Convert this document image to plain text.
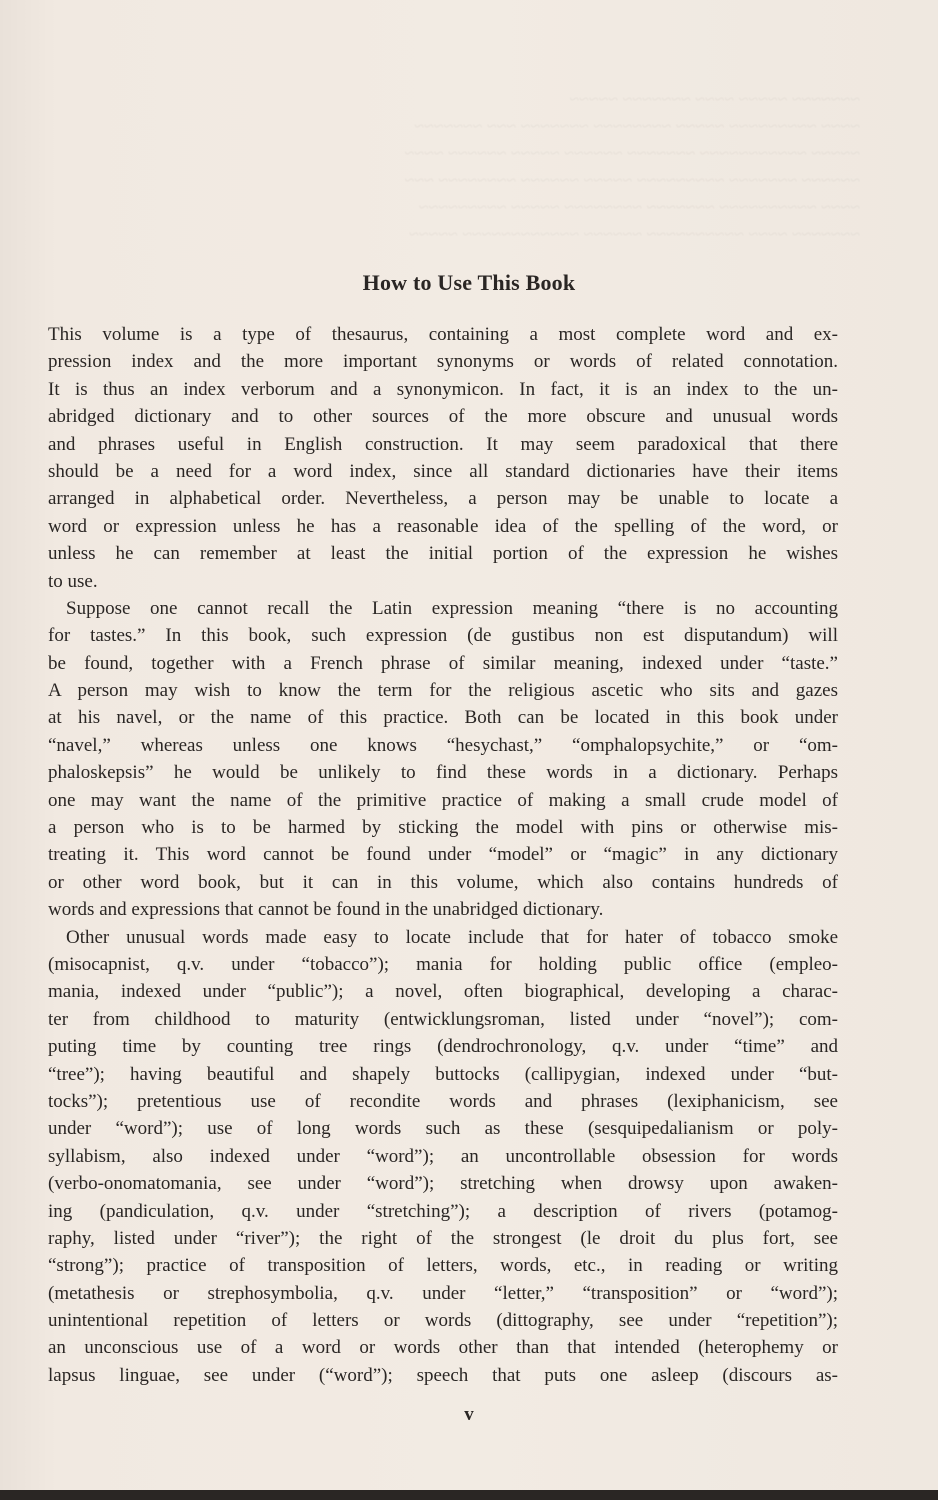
~~~~~~~ ~~~~~ ~~~~ ~~~~~~~ ~~~~~
~~~~ ~~~~~~~~~ ~~~~~ ~~~~~~~~ ~~~~~~~ ~~~ ~~~~~~~
~~~~~ ~~~~~~~~~~~ ~~~~~~~ ~~~~~~ ~~~~~ ~~~~~~ ~~~~
~~~~~~ ~~~~~~~ ~~~~~~~~~ ~~~~~ ~~~~~~ ~~~~~~~~ ~~~
~~~~ ~~~~~~~~~~ ~~~~~~~ ~~~~~~~~ ~~~~~ ~~~~~~~~~
~~~~~~~ ~~~~ ~~~~~~~~~~ ~~~~~~ ~~~~~~~~~~~~ ~~~~~
How to Use This Book
This volume is a type of thesaurus, containing a most complete word and ex-
pression index and the more important synonyms or words of related connotation.
It is thus an index verborum and a synonymicon. In fact, it is an index to the un-
abridged dictionary and to other sources of the more obscure and unusual words
and phrases useful in English construction. It may seem paradoxical that there
should be a need for a word index, since all standard dictionaries have their items
arranged in alphabetical order. Nevertheless, a person may be unable to locate a
word or expression unless he has a reasonable idea of the spelling of the word, or
unless he can remember at least the initial portion of the expression he wishes
to use.
Suppose one cannot recall the Latin expression meaning “there is no accounting
for tastes.” In this book, such expression (de gustibus non est disputandum) will
be found, together with a French phrase of similar meaning, indexed under “taste.”
A person may wish to know the term for the religious ascetic who sits and gazes
at his navel, or the name of this practice. Both can be located in this book under
“navel,” whereas unless one knows “hesychast,” “omphalopsychite,” or “om-
phaloskepsis” he would be unlikely to find these words in a dictionary. Perhaps
one may want the name of the primitive practice of making a small crude model of
a person who is to be harmed by sticking the model with pins or otherwise mis-
treating it. This word cannot be found under “model” or “magic” in any dictionary
or other word book, but it can in this volume, which also contains hundreds of
words and expressions that cannot be found in the unabridged dictionary.
Other unusual words made easy to locate include that for hater of tobacco smoke
(misocapnist, q.v. under “tobacco”); mania for holding public office (empleo-
mania, indexed under “public”); a novel, often biographical, developing a charac-
ter from childhood to maturity (entwicklungsroman, listed under “novel”); com-
puting time by counting tree rings (dendrochronology, q.v. under “time” and
“tree”); having beautiful and shapely buttocks (callipygian, indexed under “but-
tocks”); pretentious use of recondite words and phrases (lexiphanicism, see
under “word”); use of long words such as these (sesquipedalianism or poly-
syllabism, also indexed under “word”); an uncontrollable obsession for words
(verbo-onomatomania, see under “word”); stretching when drowsy upon awaken-
ing (pandiculation, q.v. under “stretching”); a description of rivers (potamog-
raphy, listed under “river”); the right of the strongest (le droit du plus fort, see
“strong”); practice of transposition of letters, words, etc., in reading or writing
(metathesis or strephosymbolia, q.v. under “letter,” “transposition” or “word”);
unintentional repetition of letters or words (dittography, see under “repetition”);
an unconscious use of a word or words other than that intended (heterophemy or
lapsus linguae, see under (“word”); speech that puts one asleep (discours as-
v
